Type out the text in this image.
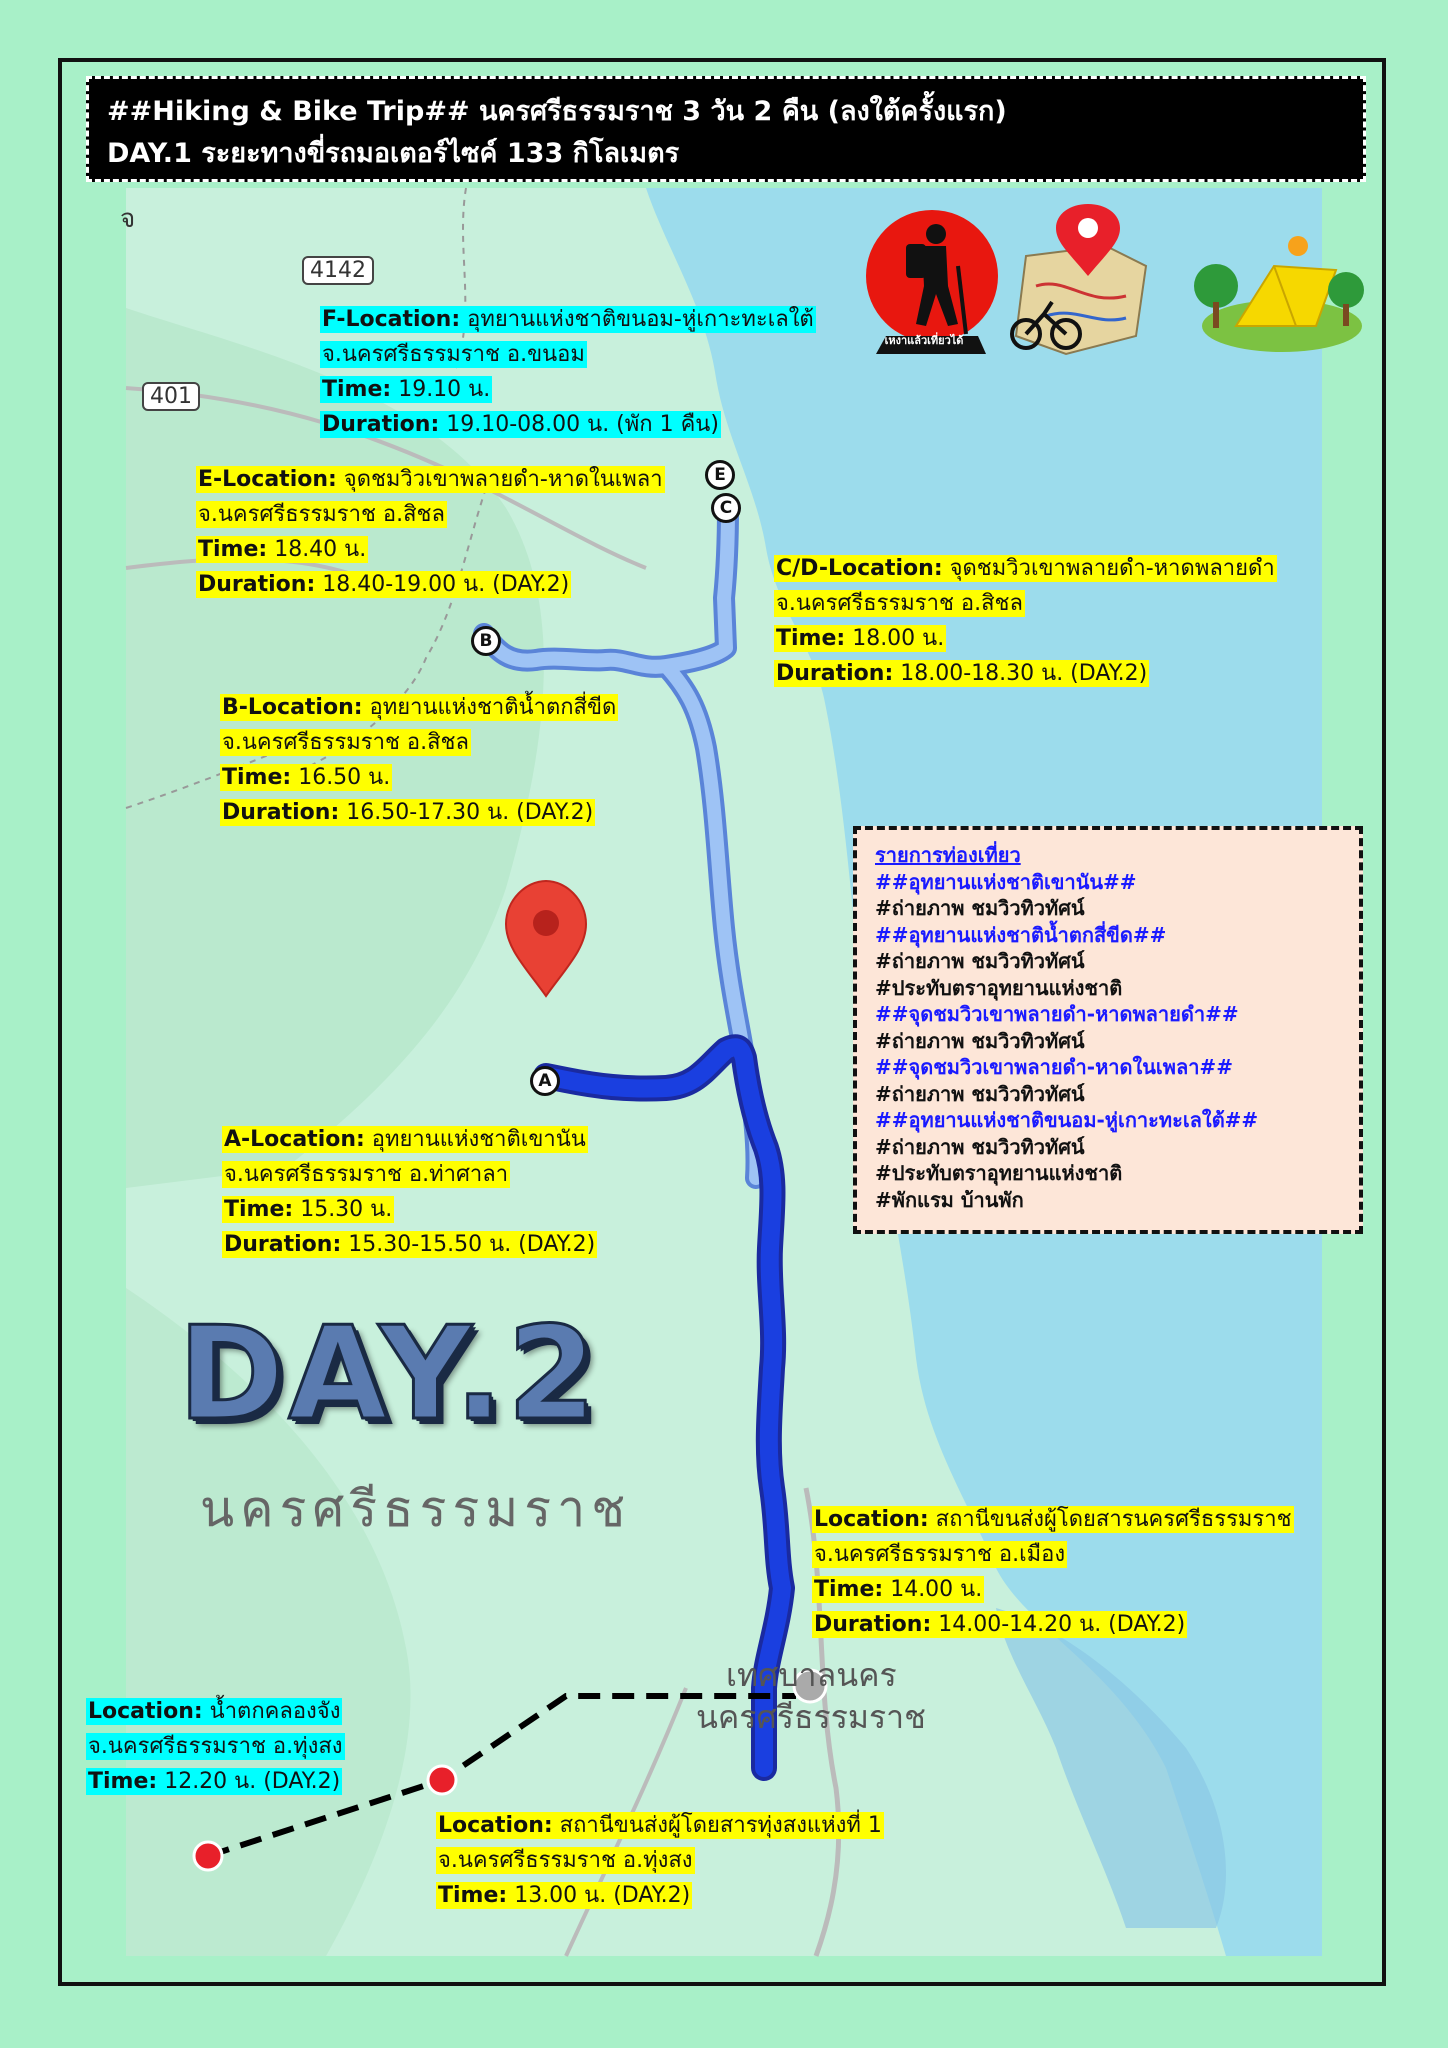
##Hiking & Bike Trip## นครศรีธรรมราช 3 วัน 2 คืน (ลงใต้ครั้งแรก)
DAY.1 ระยะทางขี่รถมอเตอร์ไซค์ 133 กิโลเมตร
4142
401
จ
E
C
B
A
เทศบาลนคร
นครศรีธรรมราช
เหงาแล้วเที่ยวได้
F-Location: อุทยานแห่งชาติขนอม-หู่เกาะทะเลใต้
จ.นครศรีธรรมราช อ.ขนอม
Time: 19.10 น.
Duration: 19.10-08.00 น. (พัก 1 คืน)
E-Location: จุดชมวิวเขาพลายดำ-หาดในเพลา
จ.นครศรีธรรมราช อ.สิชล
Time: 18.40 น.
Duration: 18.40-19.00 น. (DAY.2)
C/D-Location: จุดชมวิวเขาพลายดำ-หาดพลายดำ
จ.นครศรีธรรมราช อ.สิชล
Time: 18.00 น.
Duration: 18.00-18.30 น. (DAY.2)
B-Location: อุทยานแห่งชาติน้ำตกสี่ขีด
จ.นครศรีธรรมราช อ.สิชล
Time: 16.50 น.
Duration: 16.50-17.30 น. (DAY.2)
A-Location: อุทยานแห่งชาติเขานัน
จ.นครศรีธรรมราช อ.ท่าศาลา
Time: 15.30 น.
Duration: 15.30-15.50 น. (DAY.2)
Location: สถานีขนส่งผู้โดยสารนครศรีธรรมราช
จ.นครศรีธรรมราช อ.เมือง
Time: 14.00 น.
Duration: 14.00-14.20 น. (DAY.2)
Location: น้ำตกคลองจัง
จ.นครศรีธรรมราช อ.ทุ่งสง
Time: 12.20 น. (DAY.2)
Location: สถานีขนส่งผู้โดยสารทุ่งสงแห่งที่ 1
จ.นครศรีธรรมราช อ.ทุ่งสง
Time: 13.00 น. (DAY.2)
รายการท่องเที่ยว
##อุทยานแห่งชาติเขานัน##
#ถ่ายภาพ ชมวิวทิวทัศน์
##อุทยานแห่งชาติน้ำตกสี่ขีด##
#ถ่ายภาพ ชมวิวทิวทัศน์
#ประทับตราอุทยานแห่งชาติ
##จุดชมวิวเขาพลายดำ-หาดพลายดำ##
#ถ่ายภาพ ชมวิวทิวทัศน์
##จุดชมวิวเขาพลายดำ-หาดในเพลา##
#ถ่ายภาพ ชมวิวทิวทัศน์
##อุทยานแห่งชาติขนอม-หู่เกาะทะเลใต้##
#ถ่ายภาพ ชมวิวทิวทัศน์
#ประทับตราอุทยานแห่งชาติ
#พักแรม บ้านพัก
DAY.2
นครศรีธรรมราช
